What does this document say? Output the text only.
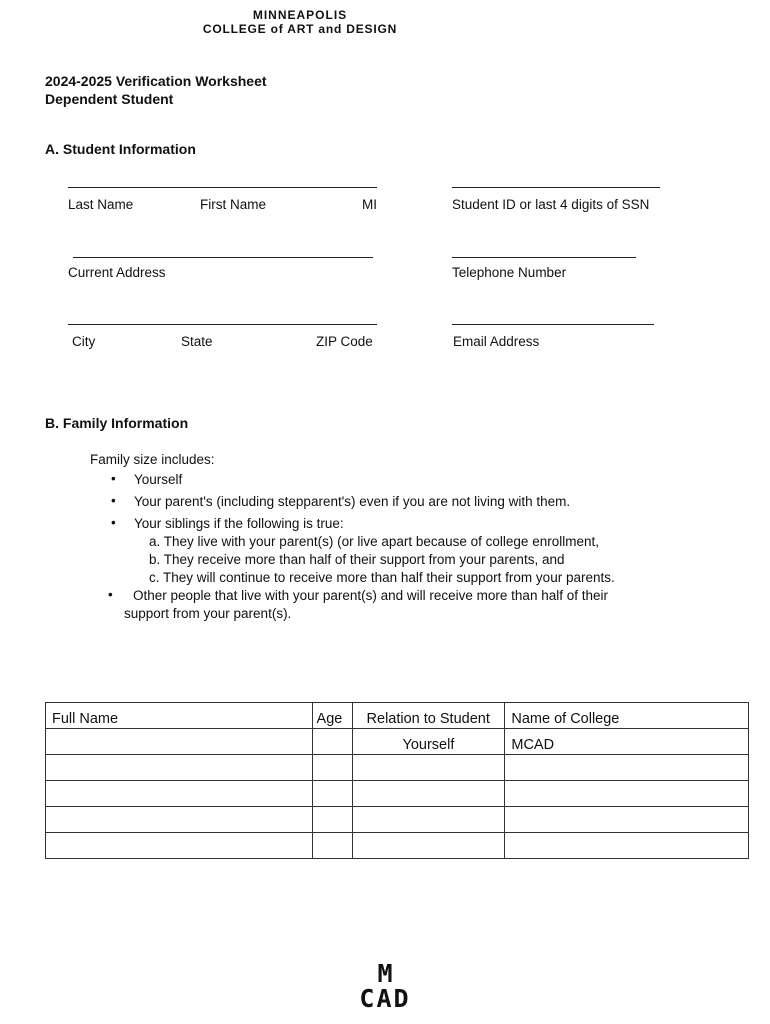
MINNEAPOLIS
COLLEGE of ART and DESIGN
2024-2025 Verification Worksheet
Dependent Student
A. Student Information
Last Name	First Name	MI	Student ID or last 4 digits of SSN
Current Address	Telephone Number
City	State	ZIP Code	Email Address
B. Family Information
Family size includes:
• Yourself
• Your parent's (including stepparent's) even if you are not living with them.
• Your siblings if the following is true:
a. They live with your parent(s) (or live apart because of college enrollment,
b. They receive more than half of their support from your parents, and
c. They will continue to receive more than half their support from your parents.
• Other people that live with your parent(s) and will receive more than half of their
support from your parent(s).
Full Name	Age	Relation to Student	Name of College
		Yourself	MCAD

M
CAD
